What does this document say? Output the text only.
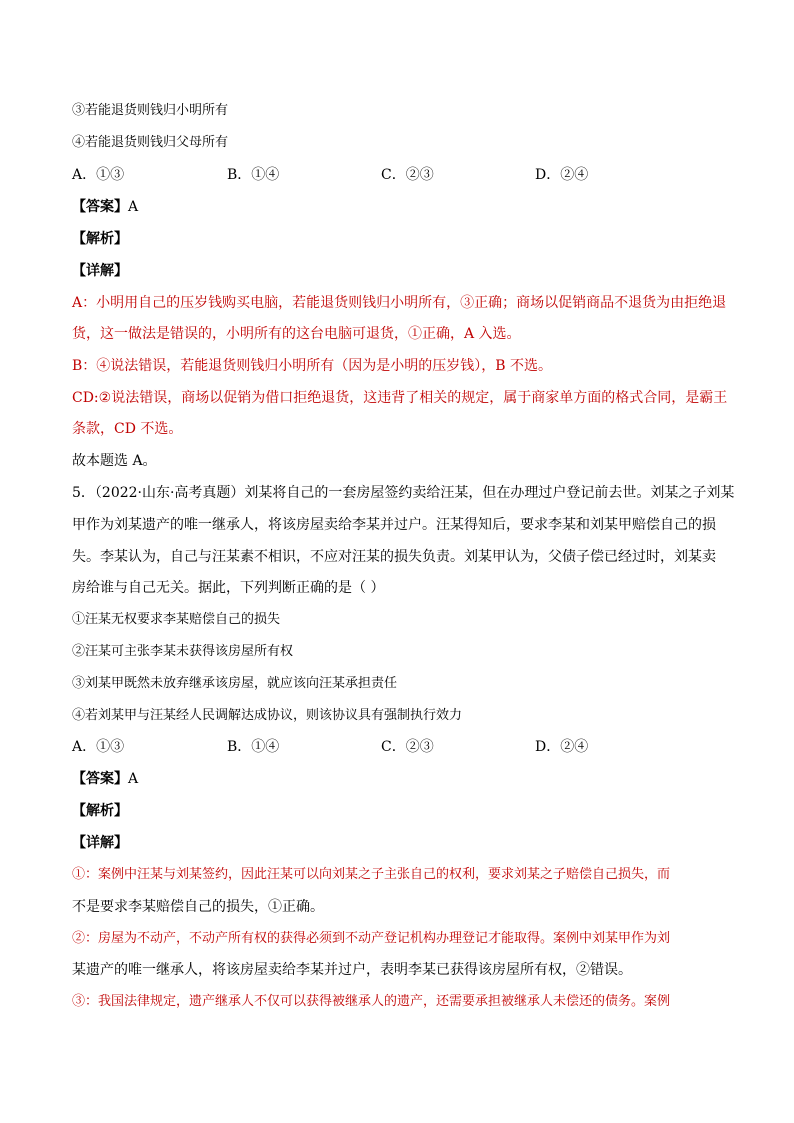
③若能退货则钱归小明所有
④若能退货则钱归父母所有
A．①③	B．①④	C．②③	D．②④
【答案】A
【解析】
【详解】
A：小明用自己的压岁钱购买电脑，若能退货则钱归小明所有，③正确；商场以促销商品不退货为由拒绝退
货，这一做法是错误的，小明所有的这台电脑可退货，①正确，A 入选。
B：④说法错误，若能退货则钱归小明所有（因为是小明的压岁钱），B 不选。
CD:②说法错误，商场以促销为借口拒绝退货，这违背了相关的规定，属于商家单方面的格式合同，是霸王
条款，CD 不选。
故本题选 A。
5．（2022·山东·高考真题）刘某将自己的一套房屋签约卖给汪某，但在办理过户登记前去世。刘某之子刘某
甲作为刘某遗产的唯一继承人，将该房屋卖给李某并过户。汪某得知后，要求李某和刘某甲赔偿自己的损
失。李某认为，自己与汪某素不相识，不应对汪某的损失负责。刘某甲认为，父债子偿已经过时，刘某卖
房给谁与自己无关。据此，下列判断正确的是（ ）
①汪某无权要求李某赔偿自己的损失
②汪某可主张李某未获得该房屋所有权
③刘某甲既然未放弃继承该房屋，就应该向汪某承担责任
④若刘某甲与汪某经人民调解达成协议，则该协议具有强制执行效力
A．①③	B．①④	C．②③	D．②④
【答案】A
【解析】
【详解】
①：案例中汪某与刘某签约，因此汪某可以向刘某之子主张自己的权利，要求刘某之子赔偿自己损失，而
不是要求李某赔偿自己的损失，①正确。
②：房屋为不动产，不动产所有权的获得必须到不动产登记机构办理登记才能取得。案例中刘某甲作为刘
某遗产的唯一继承人，将该房屋卖给李某并过户，表明李某已获得该房屋所有权，②错误。
③：我国法律规定，遗产继承人不仅可以获得被继承人的遗产，还需要承担被继承人未偿还的债务。案例
